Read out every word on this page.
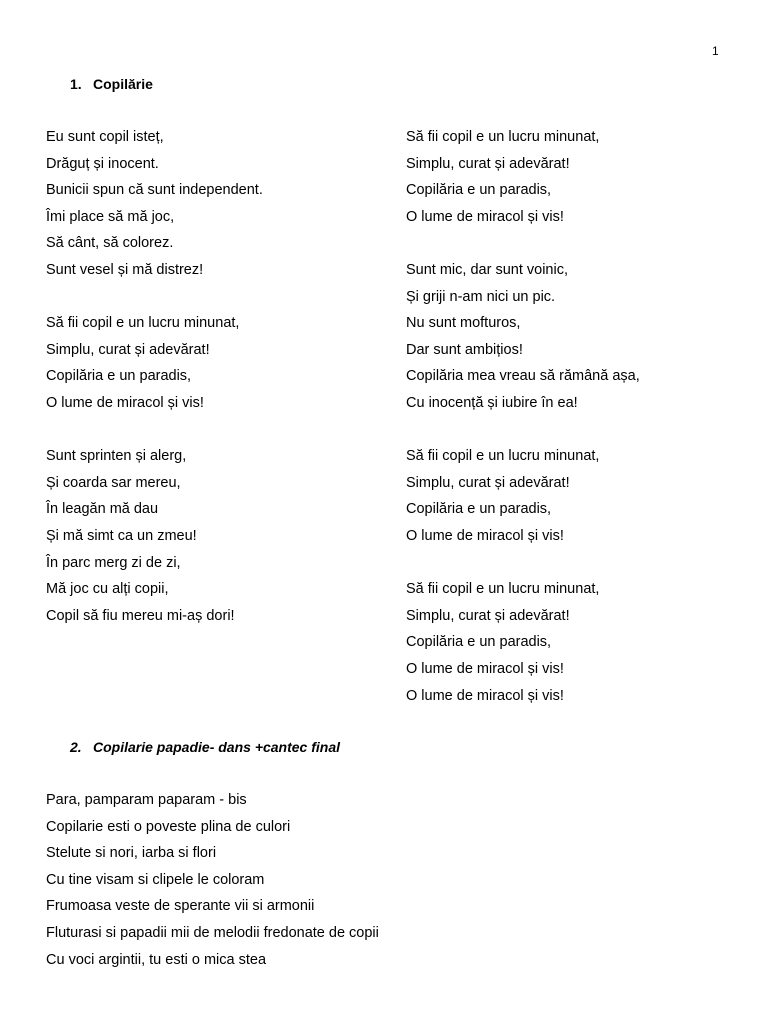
1
1. Copilărie
Eu sunt copil isteț,
Drăguț și inocent.
Bunicii spun că sunt independent.
Îmi place să mă joc,
Să cânt, să colorez.
Sunt vesel și mă distrez!
Să fii copil e un lucru minunat,
Simplu, curat și adevărat!
Copilăria e un paradis,
O lume de miracol și vis!
Sunt sprinten și alerg,
Și coarda sar mereu,
În leagăn mă dau
Și mă simt ca un zmeu!
În parc merg zi de zi,
Mă joc cu alți copii,
Copil să fiu mereu mi-aș dori!
Să fii copil e un lucru minunat,
Simplu, curat și adevărat!
Copilăria e un paradis,
O lume de miracol și vis!
Sunt mic, dar sunt voinic,
Și griji n-am nici un pic.
Nu sunt mofturos,
Dar sunt ambițios!
Copilăria mea vreau să rămână așa,
Cu inocență și iubire în ea!
Să fii copil e un lucru minunat,
Simplu, curat și adevărat!
Copilăria e un paradis,
O lume de miracol și vis!
Să fii copil e un lucru minunat,
Simplu, curat și adevărat!
Copilăria e un paradis,
O lume de miracol și vis!
O lume de miracol și vis!
2. Copilarie papadie- dans +cantec final
Para, pamparam paparam - bis
Copilarie esti o poveste plina de culori
Stelute si nori, iarba si flori
Cu tine visam si clipele le coloram
Frumoasa veste de sperante vii si armonii
Fluturasi si papadii mii de melodii fredonate de copii
Cu voci argintii, tu esti o mica stea
